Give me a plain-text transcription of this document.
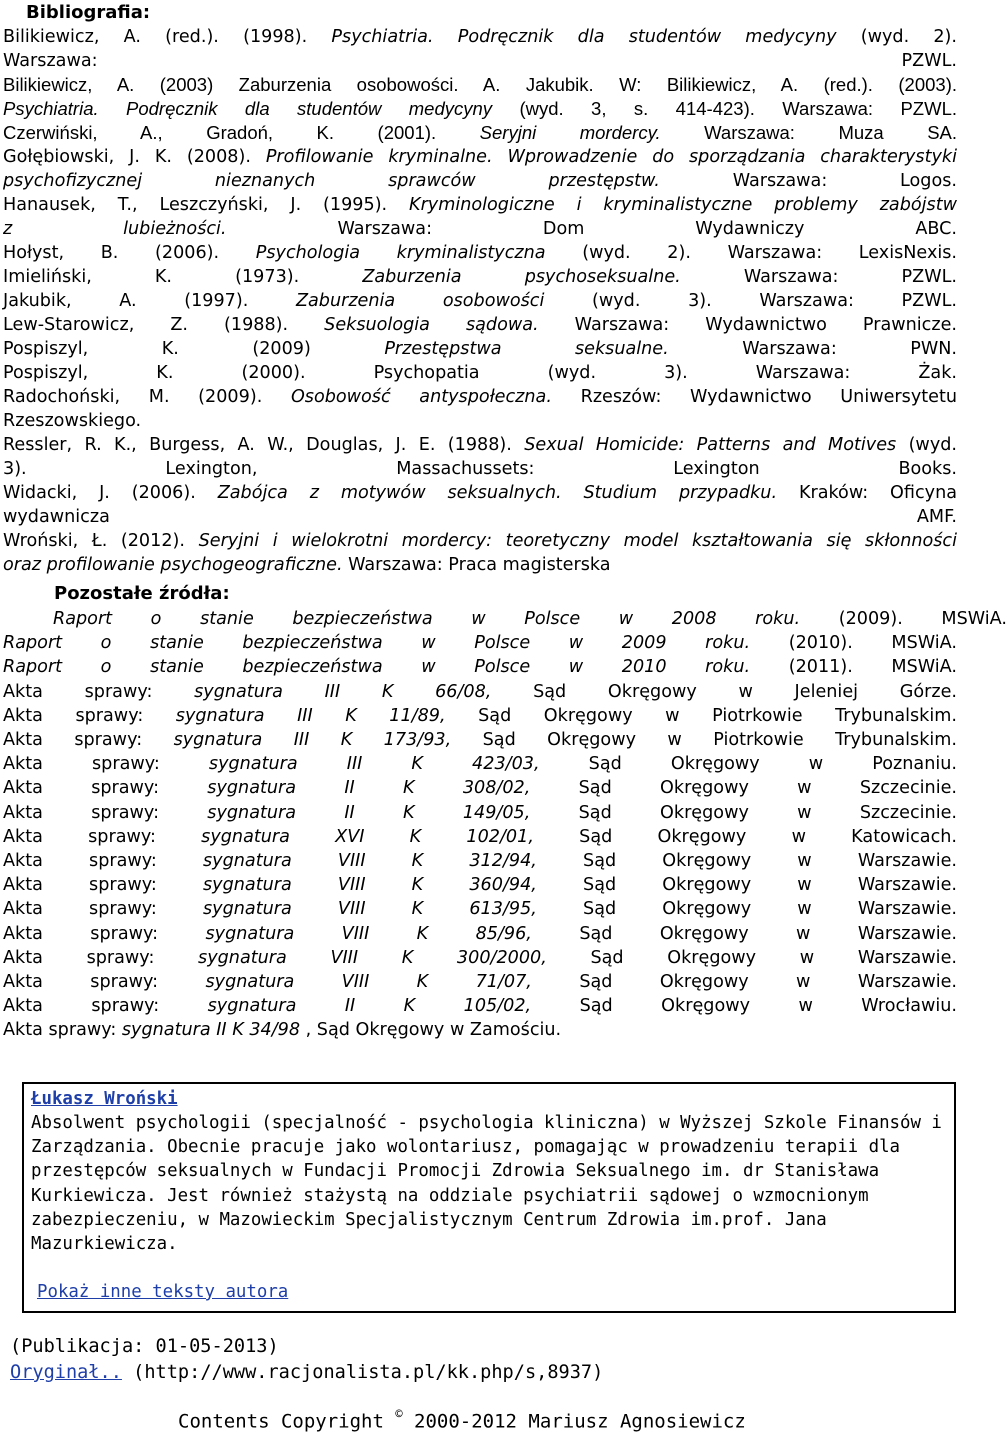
Bibliografia:
Bilikiewicz, A. (red.). (1998). Psychiatria. Podręcznik dla studentów medycyny (wyd. 2).
Warszawa:	PZWL.
Bilikiewicz, A. (2003) Zaburzenia osobowości. A. Jakubik. W: Bilikiewicz, A. (red.). (2003).
Psychiatria. Podręcznik dla studentów medycyny (wyd. 3, s. 414-423). Warszawa: PZWL.
Czerwiński, A., Gradoń, K. (2001). Seryjni mordercy. Warszawa: Muza SA.
Gołębiowski, J. K. (2008). Profilowanie kryminalne. Wprowadzenie do sporządzania charakterystyki
psychofizycznej nieznanych sprawców przestępstw.	Warszawa: Logos.
Hanausek, T., Leszczyński, J. (1995). Kryminologiczne i kryminalistyczne problemy zabójstw
z lubieżności.	Warszawa: Dom Wydawniczy ABC.
Hołyst, B. (2006). Psychologia kryminalistyczna (wyd. 2). Warszawa: LexisNexis.
Imieliński, K. (1973). Zaburzenia psychoseksualne.	Warszawa: PZWL.
Jakubik, A. (1997). Zaburzenia osobowości	(wyd. 3). Warszawa: PZWL.
Lew-Starowicz, Z. (1988). Seksuologia sądowa. Warszawa: Wydawnictwo Prawnicze.
Pospiszyl, K. (2009) Przestępstwa seksualne.	Warszawa: PWN.
Pospiszyl, K. (2000). Psychopatia (wyd. 3). Warszawa: Żak.
Radochoński, M. (2009). Osobowość antyspołeczna. Rzeszów: Wydawnictwo Uniwersytetu
Rzeszowskiego.
Ressler, R. K., Burgess, A. W., Douglas, J. E. (1988). Sexual Homicide: Patterns and Motives (wyd.
3). Lexington, Massachussets: Lexington Books.
Widacki, J. (2006). Zabójca z motywów seksualnych. Studium przypadku. Kraków: Oficyna
wydawnicza	AMF.
Wroński, Ł. (2012). Seryjni i wielokrotni mordercy: teoretyczny model kształtowania się skłonności
oraz profilowanie psychogeograficzne. Warszawa: Praca magisterska
Pozostałe źródła:
Raport o stanie bezpieczeństwa w Polsce w 2008 roku. (2009). MSWiA.
Raport o stanie bezpieczeństwa w Polsce w 2009 roku. (2010). MSWiA.
Raport o stanie bezpieczeństwa w Polsce w 2010 roku. (2011). MSWiA.
Akta sprawy: sygnatura III K 66/08, Sąd Okręgowy w Jeleniej Górze.
Akta sprawy: sygnatura III K 11/89, Sąd Okręgowy w Piotrkowie Trybunalskim.
Akta sprawy: sygnatura III K 173/93, Sąd Okręgowy w Piotrkowie Trybunalskim.
Akta sprawy: sygnatura III K 423/03,	Sąd Okręgowy w Poznaniu.
Akta sprawy: sygnatura II K 308/02,	Sąd Okręgowy w Szczecinie.
Akta sprawy: sygnatura II K 149/05,	Sąd Okręgowy w Szczecinie.
Akta sprawy: sygnatura XVI K 102/01,	Sąd Okręgowy w Katowicach.
Akta sprawy: sygnatura VIII K 312/94,	Sąd Okręgowy w Warszawie.
Akta sprawy: sygnatura VIII K 360/94,	Sąd Okręgowy w Warszawie.
Akta sprawy: sygnatura VIII K 613/95,	Sąd Okręgowy w Warszawie.
Akta sprawy: sygnatura VIII K 85/96,	Sąd Okręgowy w Warszawie.
Akta sprawy: sygnatura VIII K 300/2000, Sąd Okręgowy w Warszawie.
Akta sprawy: sygnatura VIII K 71/07,	Sąd Okręgowy w Warszawie.
Akta sprawy: sygnatura II K 105/02,	Sąd Okręgowy w Wrocławiu.
Akta sprawy: sygnatura II K 34/98 , Sąd Okręgowy w Zamościu.
Łukasz Wroński
Absolwent psychologii (specjalność - psychologia kliniczna) w Wyższej Szkole Finansów i
Zarządzania. Obecnie pracuje jako wolontariusz, pomagając w prowadzeniu terapii dla
przestępców seksualnych w Fundacji Promocji Zdrowia Seksualnego im. dr Stanisława
Kurkiewicza. Jest również stażystą na oddziale psychiatrii sądowej o wzmocnionym
zabezpieczeniu, w Mazowieckim Specjalistycznym Centrum Zdrowia im.prof. Jana
Mazurkiewicza.
Pokaż inne teksty autora
(Publikacja: 01-05-2013)
Oryginał.. (http://www.racjonalista.pl/kk.php/s,8937)
Contents Copyright © 2000-2012 Mariusz Agnosiewicz
